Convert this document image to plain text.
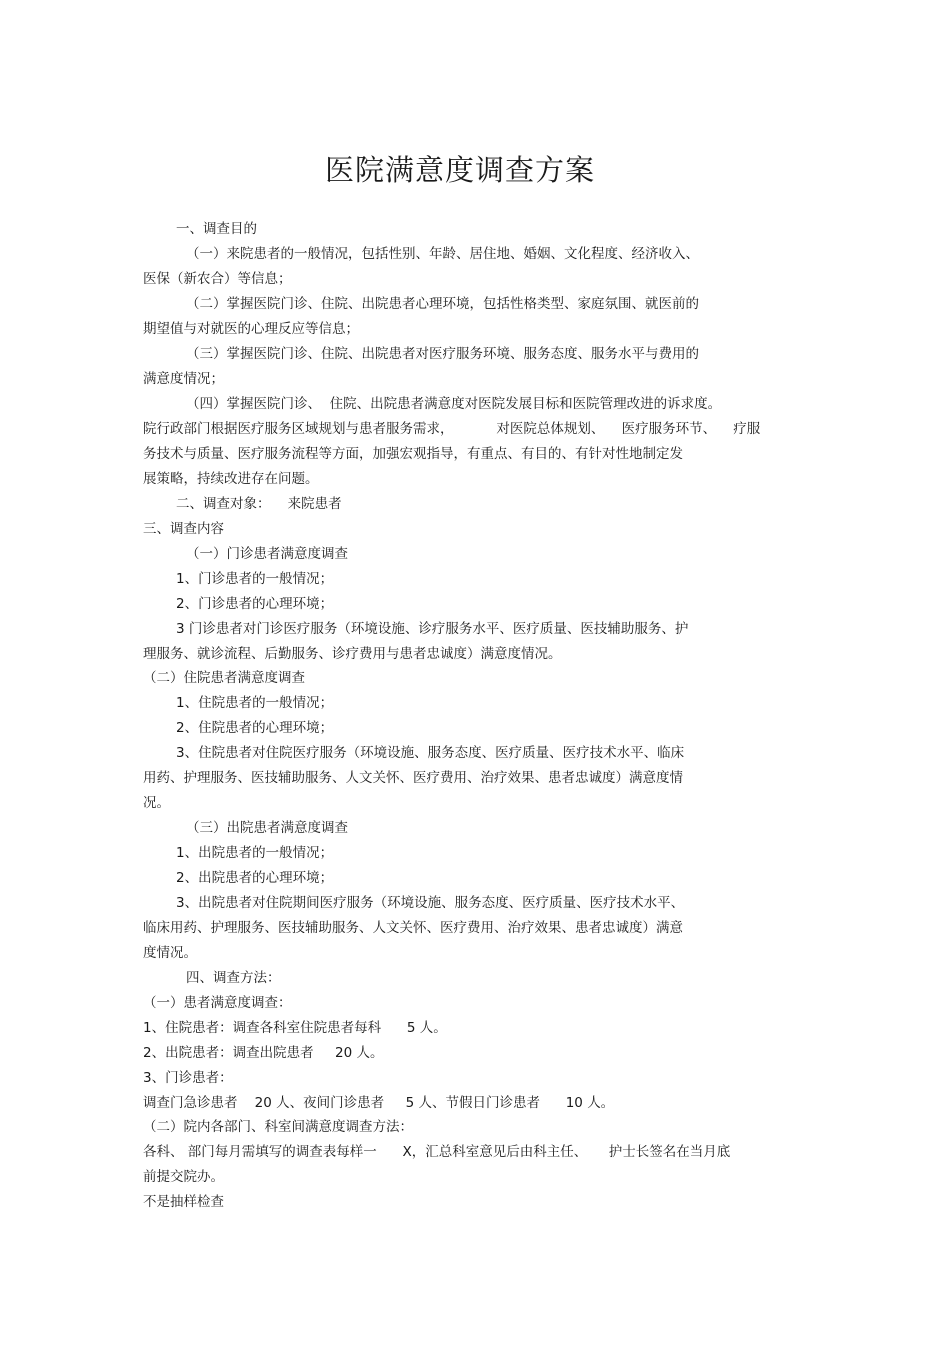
医院满意度调查方案
一、调查目的
（一）来院患者的一般情况，包括性别、年龄、居住地、婚姻、文化程度、经济收入、
医保（新农合）等信息；
（二）掌握医院门诊、住院、出院患者心理环境，包括性格类型、家庭氛围、就医前的
期望值与对就医的心理反应等信息；
（三）掌握医院门诊、住院、出院患者对医疗服务环境、服务态度、服务水平与费用的
满意度情况；
（四）掌握医院门诊、  住院、出院患者满意度对医院发展目标和医院管理改进的诉求度。
院行政部门根据医疗服务区域规划与患者服务需求，          对医院总体规划、    医疗服务环节、    疗服
务技术与质量、医疗服务流程等方面，加强宏观指导，有重点、有目的、有针对性地制定发
展策略，持续改进存在问题。
二、调查对象：    来院患者
三、调查内容
（一）门诊患者满意度调查
1、门诊患者的一般情况；
2、门诊患者的心理环境；
3 门诊患者对门诊医疗服务（环境设施、诊疗服务水平、医疗质量、医技辅助服务、护
理服务、就诊流程、后勤服务、诊疗费用与患者忠诚度）满意度情况。
（二）住院患者满意度调查
1、住院患者的一般情况；
2、住院患者的心理环境；
3、住院患者对住院医疗服务（环境设施、服务态度、医疗质量、医疗技术水平、临床
用药、护理服务、医技辅助服务、人文关怀、医疗费用、治疗效果、患者忠诚度）满意度情
况。
（三）出院患者满意度调查
1、出院患者的一般情况；
2、出院患者的心理环境；
3、出院患者对住院期间医疗服务（环境设施、服务态度、医疗质量、医疗技术水平、
临床用药、护理服务、医技辅助服务、人文关怀、医疗费用、治疗效果、患者忠诚度）满意
度情况。
四、调查方法：
（一）患者满意度调查：
1、住院患者：调查各科室住院患者每科      5 人。
2、出院患者：调查出院患者     20 人。
3、门诊患者：
调查门急诊患者    20 人、夜间门诊患者     5 人、节假日门诊患者      10 人。
（二）院内各部门、科室间满意度调查方法：
各科、 部门每月需填写的调查表每样一      X，汇总科室意见后由科主任、     护士长签名在当月底
前提交院办。
不是抽样检查
